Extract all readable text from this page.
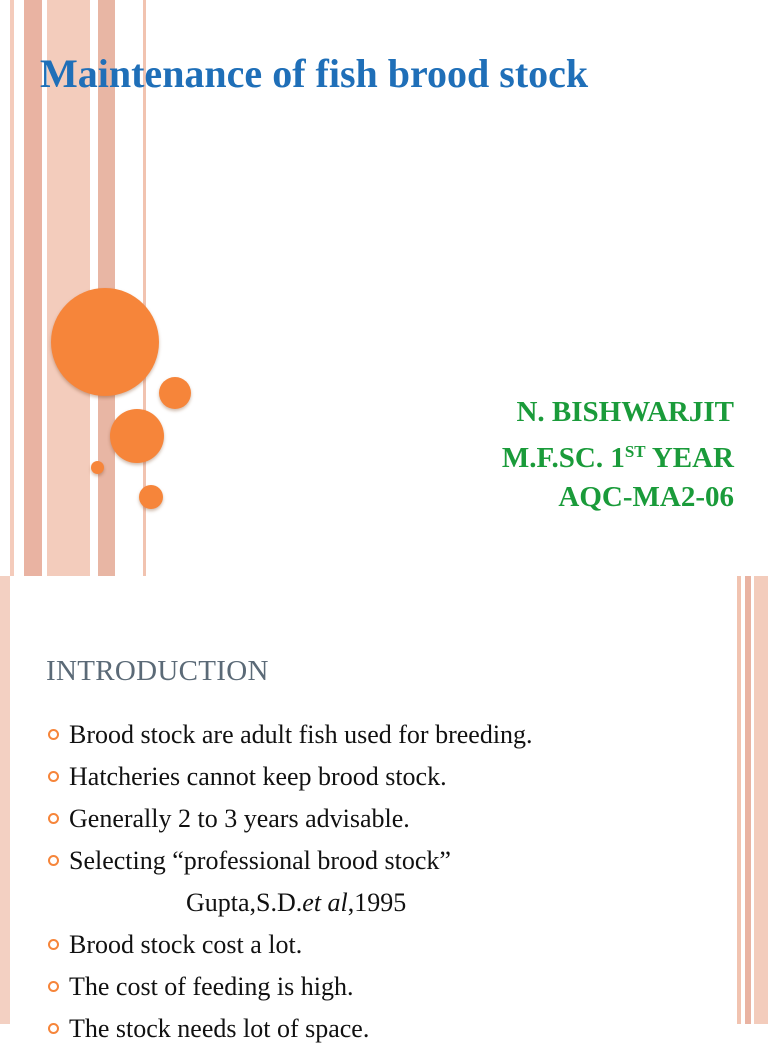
Maintenance of fish brood stock
N. BISHWARJIT
M.F.SC. 1ST YEAR
AQC-MA2-06
INTRODUCTION
Brood stock are adult fish used for breeding.
Hatcheries cannot keep brood stock.
Generally 2 to 3 years advisable.
Selecting “professional brood stock”
Gupta,S.D.et al,1995
Brood stock cost a lot.
The cost of feeding is high.
The stock needs lot of space.
